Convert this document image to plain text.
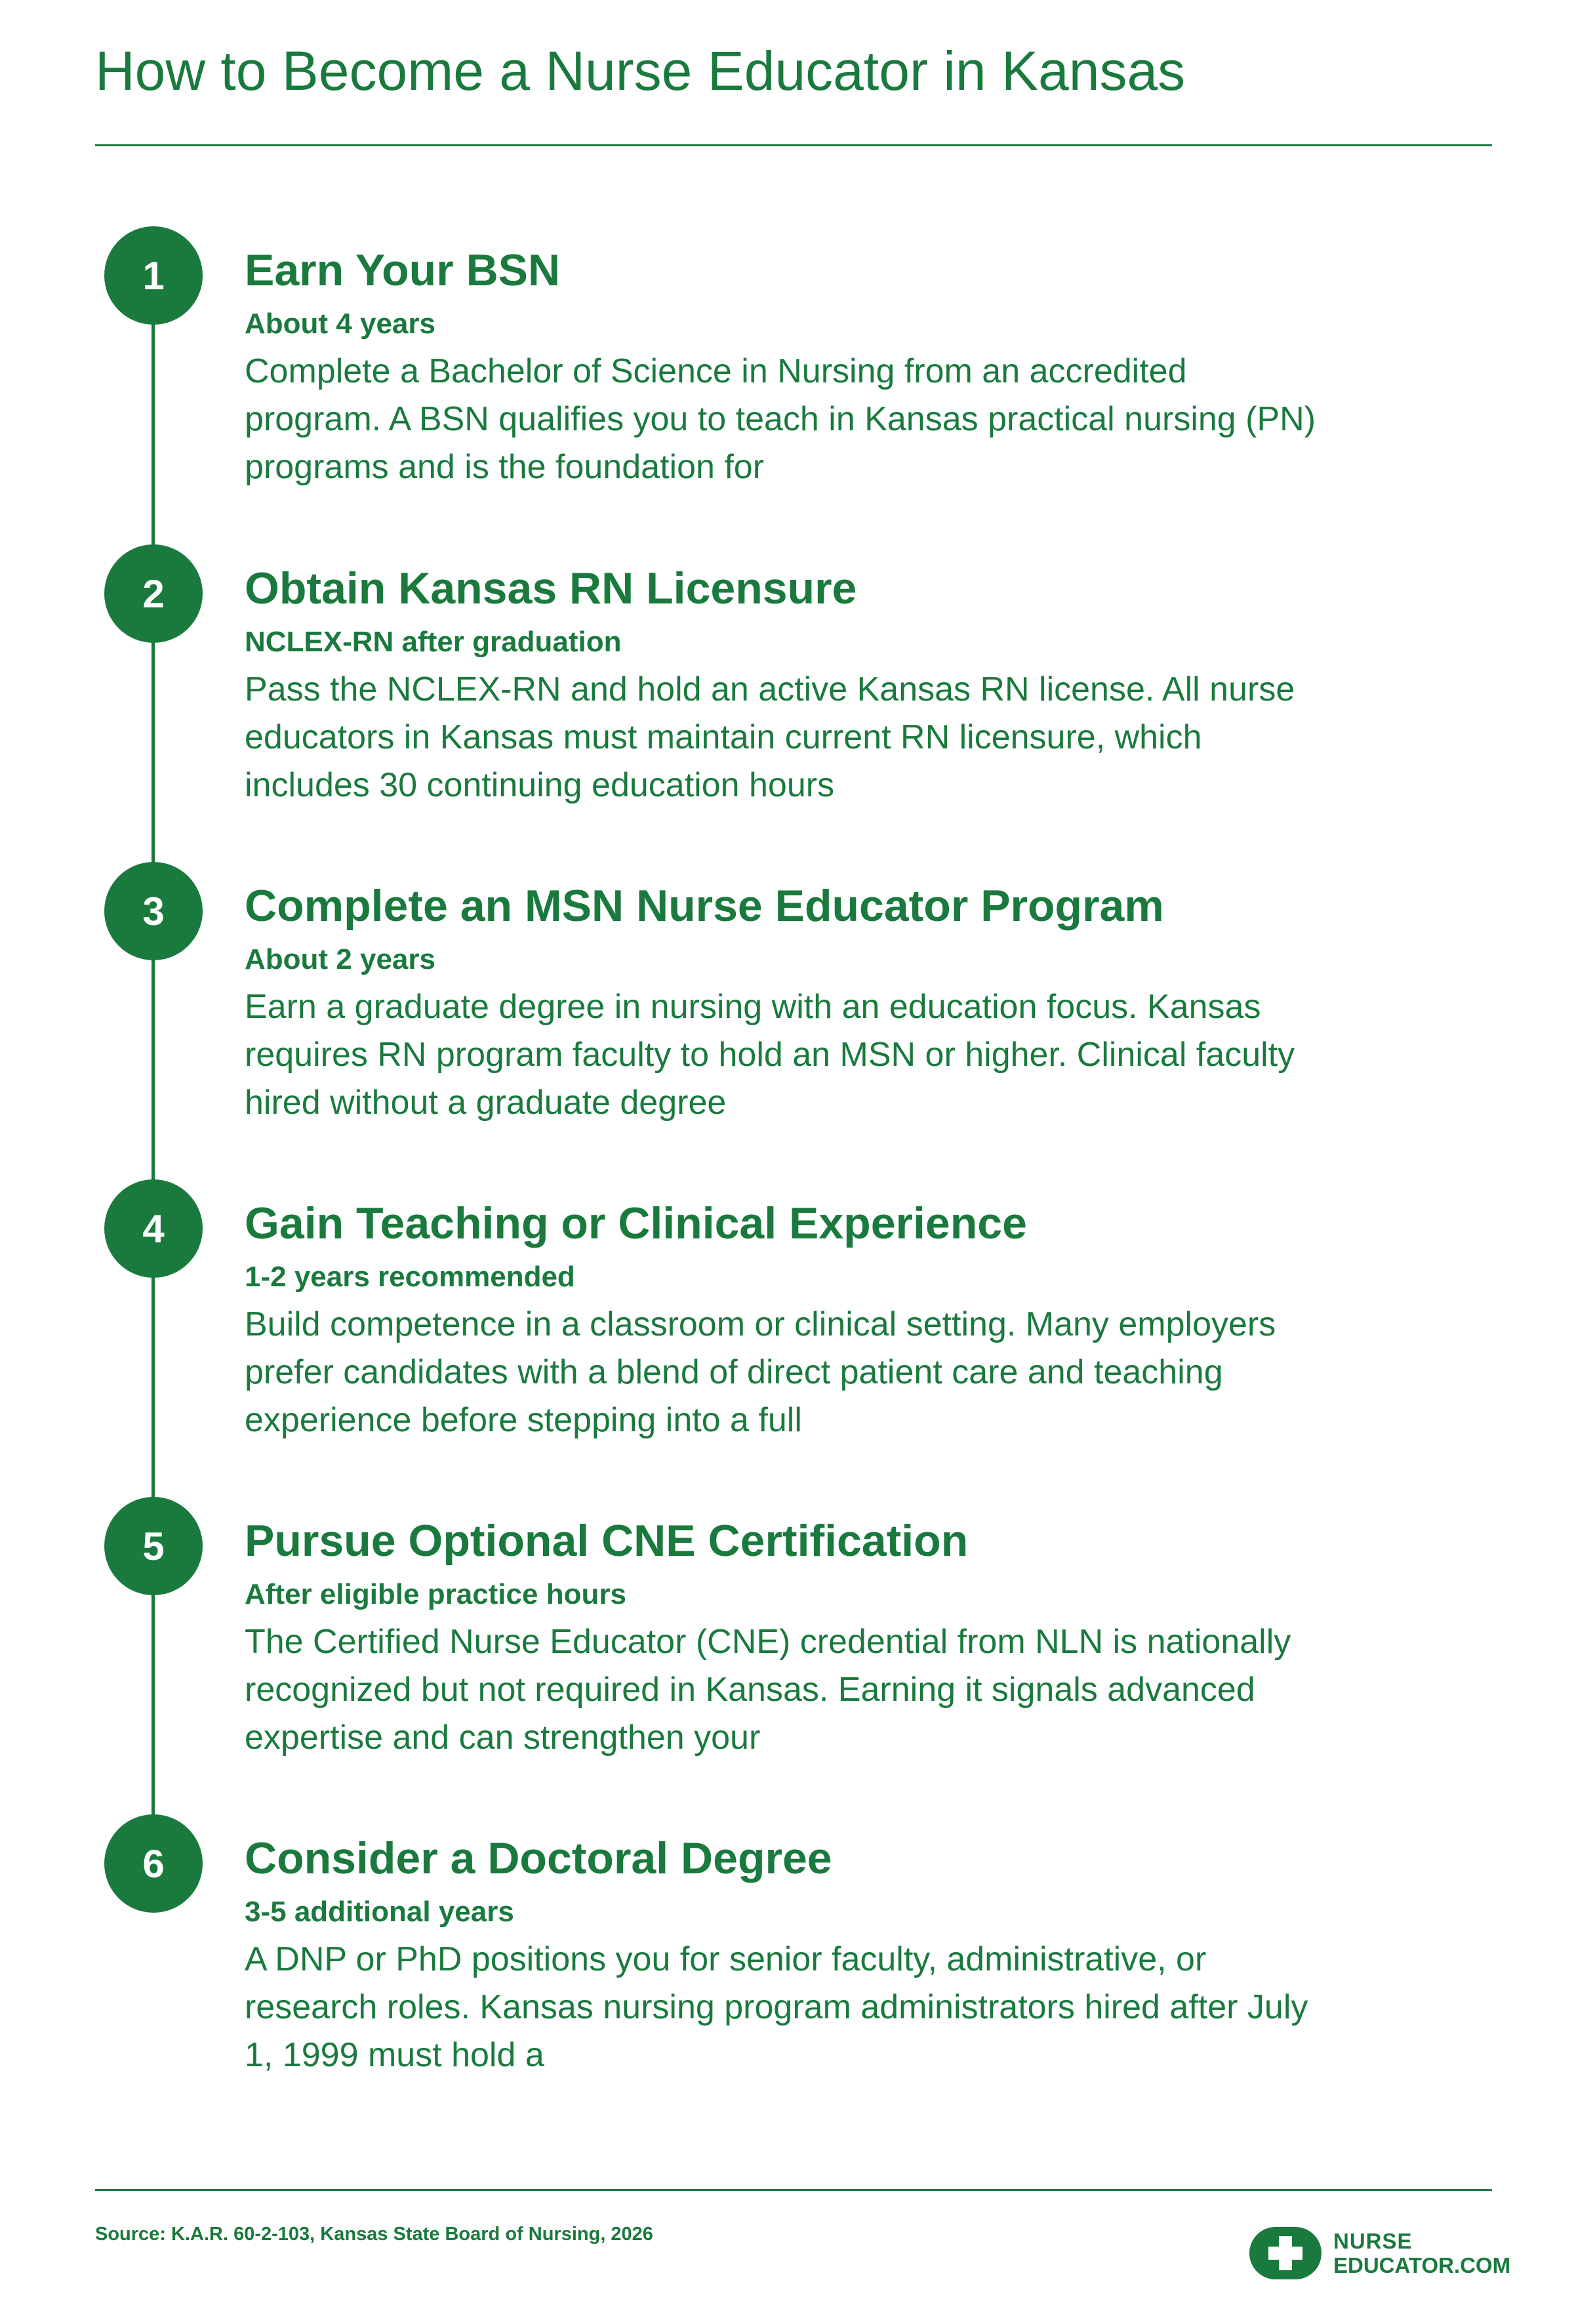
How to Become a Nurse Educator in Kansas
1	Earn Your BSN
About 4 years

Complete a Bachelor of Science in Nursing from an accredited program. A BSN qualifies you to teach in Kansas practical nursing (PN) programs and is the foundation for

2	Obtain Kansas RN Licensure
NCLEX-RN after graduation

Pass the NCLEX-RN and hold an active Kansas RN license. All nurse educators in Kansas must maintain current RN licensure, which includes 30 continuing education hours

3	Complete an MSN Nurse Educator Program
About 2 years

Earn a graduate degree in nursing with an education focus. Kansas requires RN program faculty to hold an MSN or higher. Clinical faculty hired without a graduate degree

4	Gain Teaching or Clinical Experience
1-2 years recommended

Build competence in a classroom or clinical setting. Many employers prefer candidates with a blend of direct patient care and teaching experience before stepping into a full

5	Pursue Optional CNE Certification
After eligible practice hours

The Certified Nurse Educator (CNE) credential from NLN is nationally recognized but not required in Kansas. Earning it signals advanced expertise and can strengthen your

6	Consider a Doctoral Degree
3-5 additional years

A DNP or PhD positions you for senior faculty, administrative, or research roles. Kansas nursing program administrators hired after July 1, 1999 must hold a

Source: K.A.R. 60-2-103, Kansas State Board of Nursing, 2026	NURSE
EDUCATOR.COM
